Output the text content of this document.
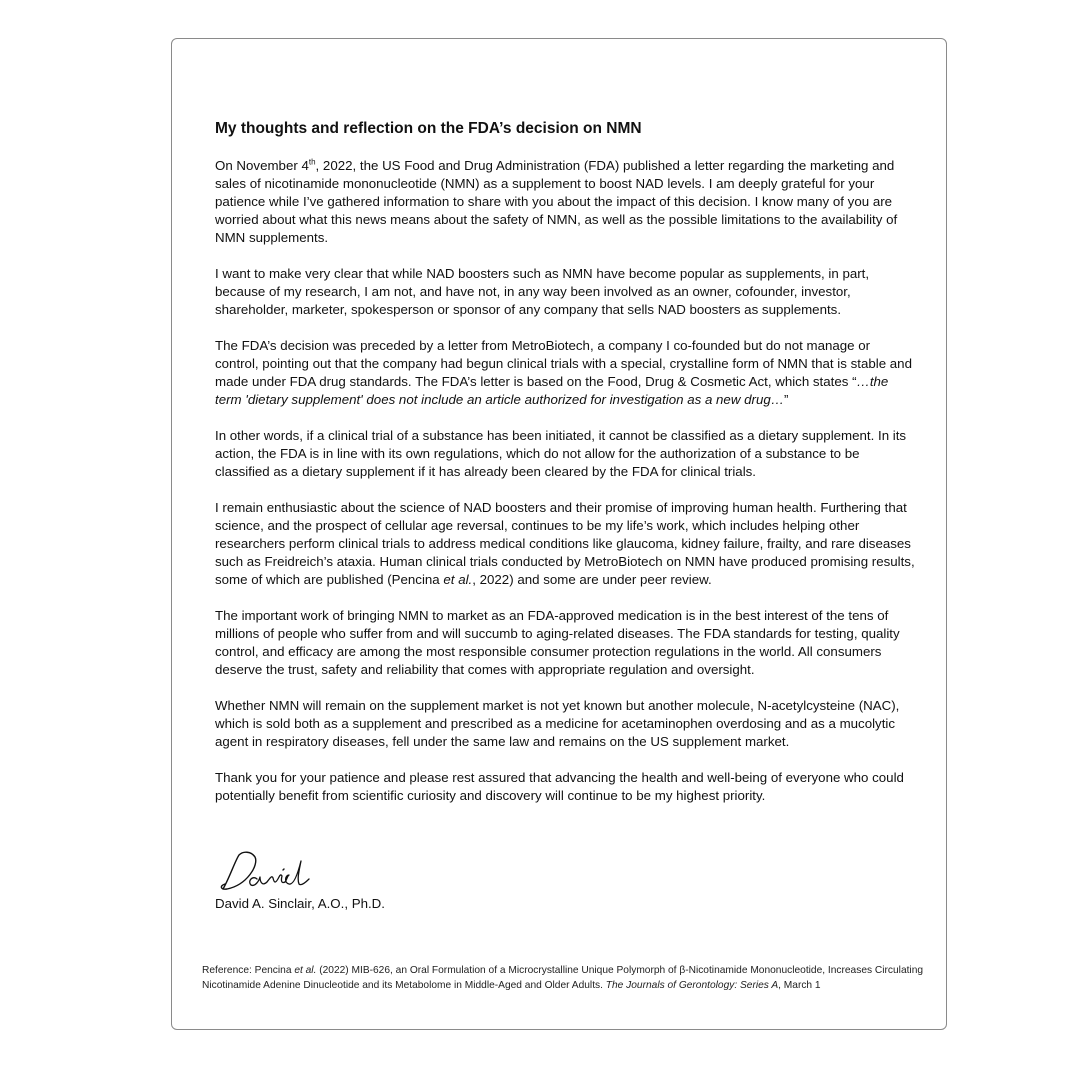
My thoughts and reflection on the FDA’s decision on NMN

On November 4th, 2022, the US Food and Drug Administration (FDA) published a letter regarding the marketing and sales of nicotinamide mononucleotide (NMN) as a supplement to boost NAD levels. I am deeply grateful for your patience while I’ve gathered information to share with you about the impact of this decision. I know many of you are worried about what this news means about the safety of NMN, as well as the possible limitations to the availability of NMN supplements.

I want to make very clear that while NAD boosters such as NMN have become popular as supplements, in part, because of my research, I am not, and have not, in any way been involved as an owner, cofounder, investor, shareholder, marketer, spokesperson or sponsor of any company that sells NAD boosters as supplements.

The FDA’s decision was preceded by a letter from MetroBiotech, a company I co-founded but do not manage or control, pointing out that the company had begun clinical trials with a special, crystalline form of NMN that is stable and made under FDA drug standards. The FDA’s letter is based on the Food, Drug & Cosmetic Act, which states “…the term 'dietary supplement' does not include an article authorized for investigation as a new drug…”

In other words, if a clinical trial of a substance has been initiated, it cannot be classified as a dietary supplement. In its action, the FDA is in line with its own regulations, which do not allow for the authorization of a substance to be classified as a dietary supplement if it has already been cleared by the FDA for clinical trials.

I remain enthusiastic about the science of NAD boosters and their promise of improving human health. Furthering that science, and the prospect of cellular age reversal, continues to be my life’s work, which includes helping other researchers perform clinical trials to address medical conditions like glaucoma, kidney failure, frailty, and rare diseases such as Freidreich’s ataxia. Human clinical trials conducted by MetroBiotech on NMN have produced promising results, some of which are published (Pencina et al., 2022) and some are under peer review.

The important work of bringing NMN to market as an FDA-approved medication is in the best interest of the tens of millions of people who suffer from and will succumb to aging-related diseases. The FDA standards for testing, quality control, and efficacy are among the most responsible consumer protection regulations in the world. All consumers deserve the trust, safety and reliability that comes with appropriate regulation and oversight.

Whether NMN will remain on the supplement market is not yet known but another molecule, N-acetylcysteine (NAC), which is sold both as a supplement and prescribed as a medicine for acetaminophen overdosing and as a mucolytic agent in respiratory diseases, fell under the same law and remains on the US supplement market.

Thank you for your patience and please rest assured that advancing the health and well-being of everyone who could potentially benefit from scientific curiosity and discovery will continue to be my highest priority.

David A. Sinclair, A.O., Ph.D.
Reference: Pencina et al. (2022) MIB-626, an Oral Formulation of a Microcrystalline Unique Polymorph of β-Nicotinamide Mononucleotide, Increases Circulating Nicotinamide Adenine Dinucleotide and its Metabolome in Middle-Aged and Older Adults. The Journals of Gerontology: Series A, March 1
